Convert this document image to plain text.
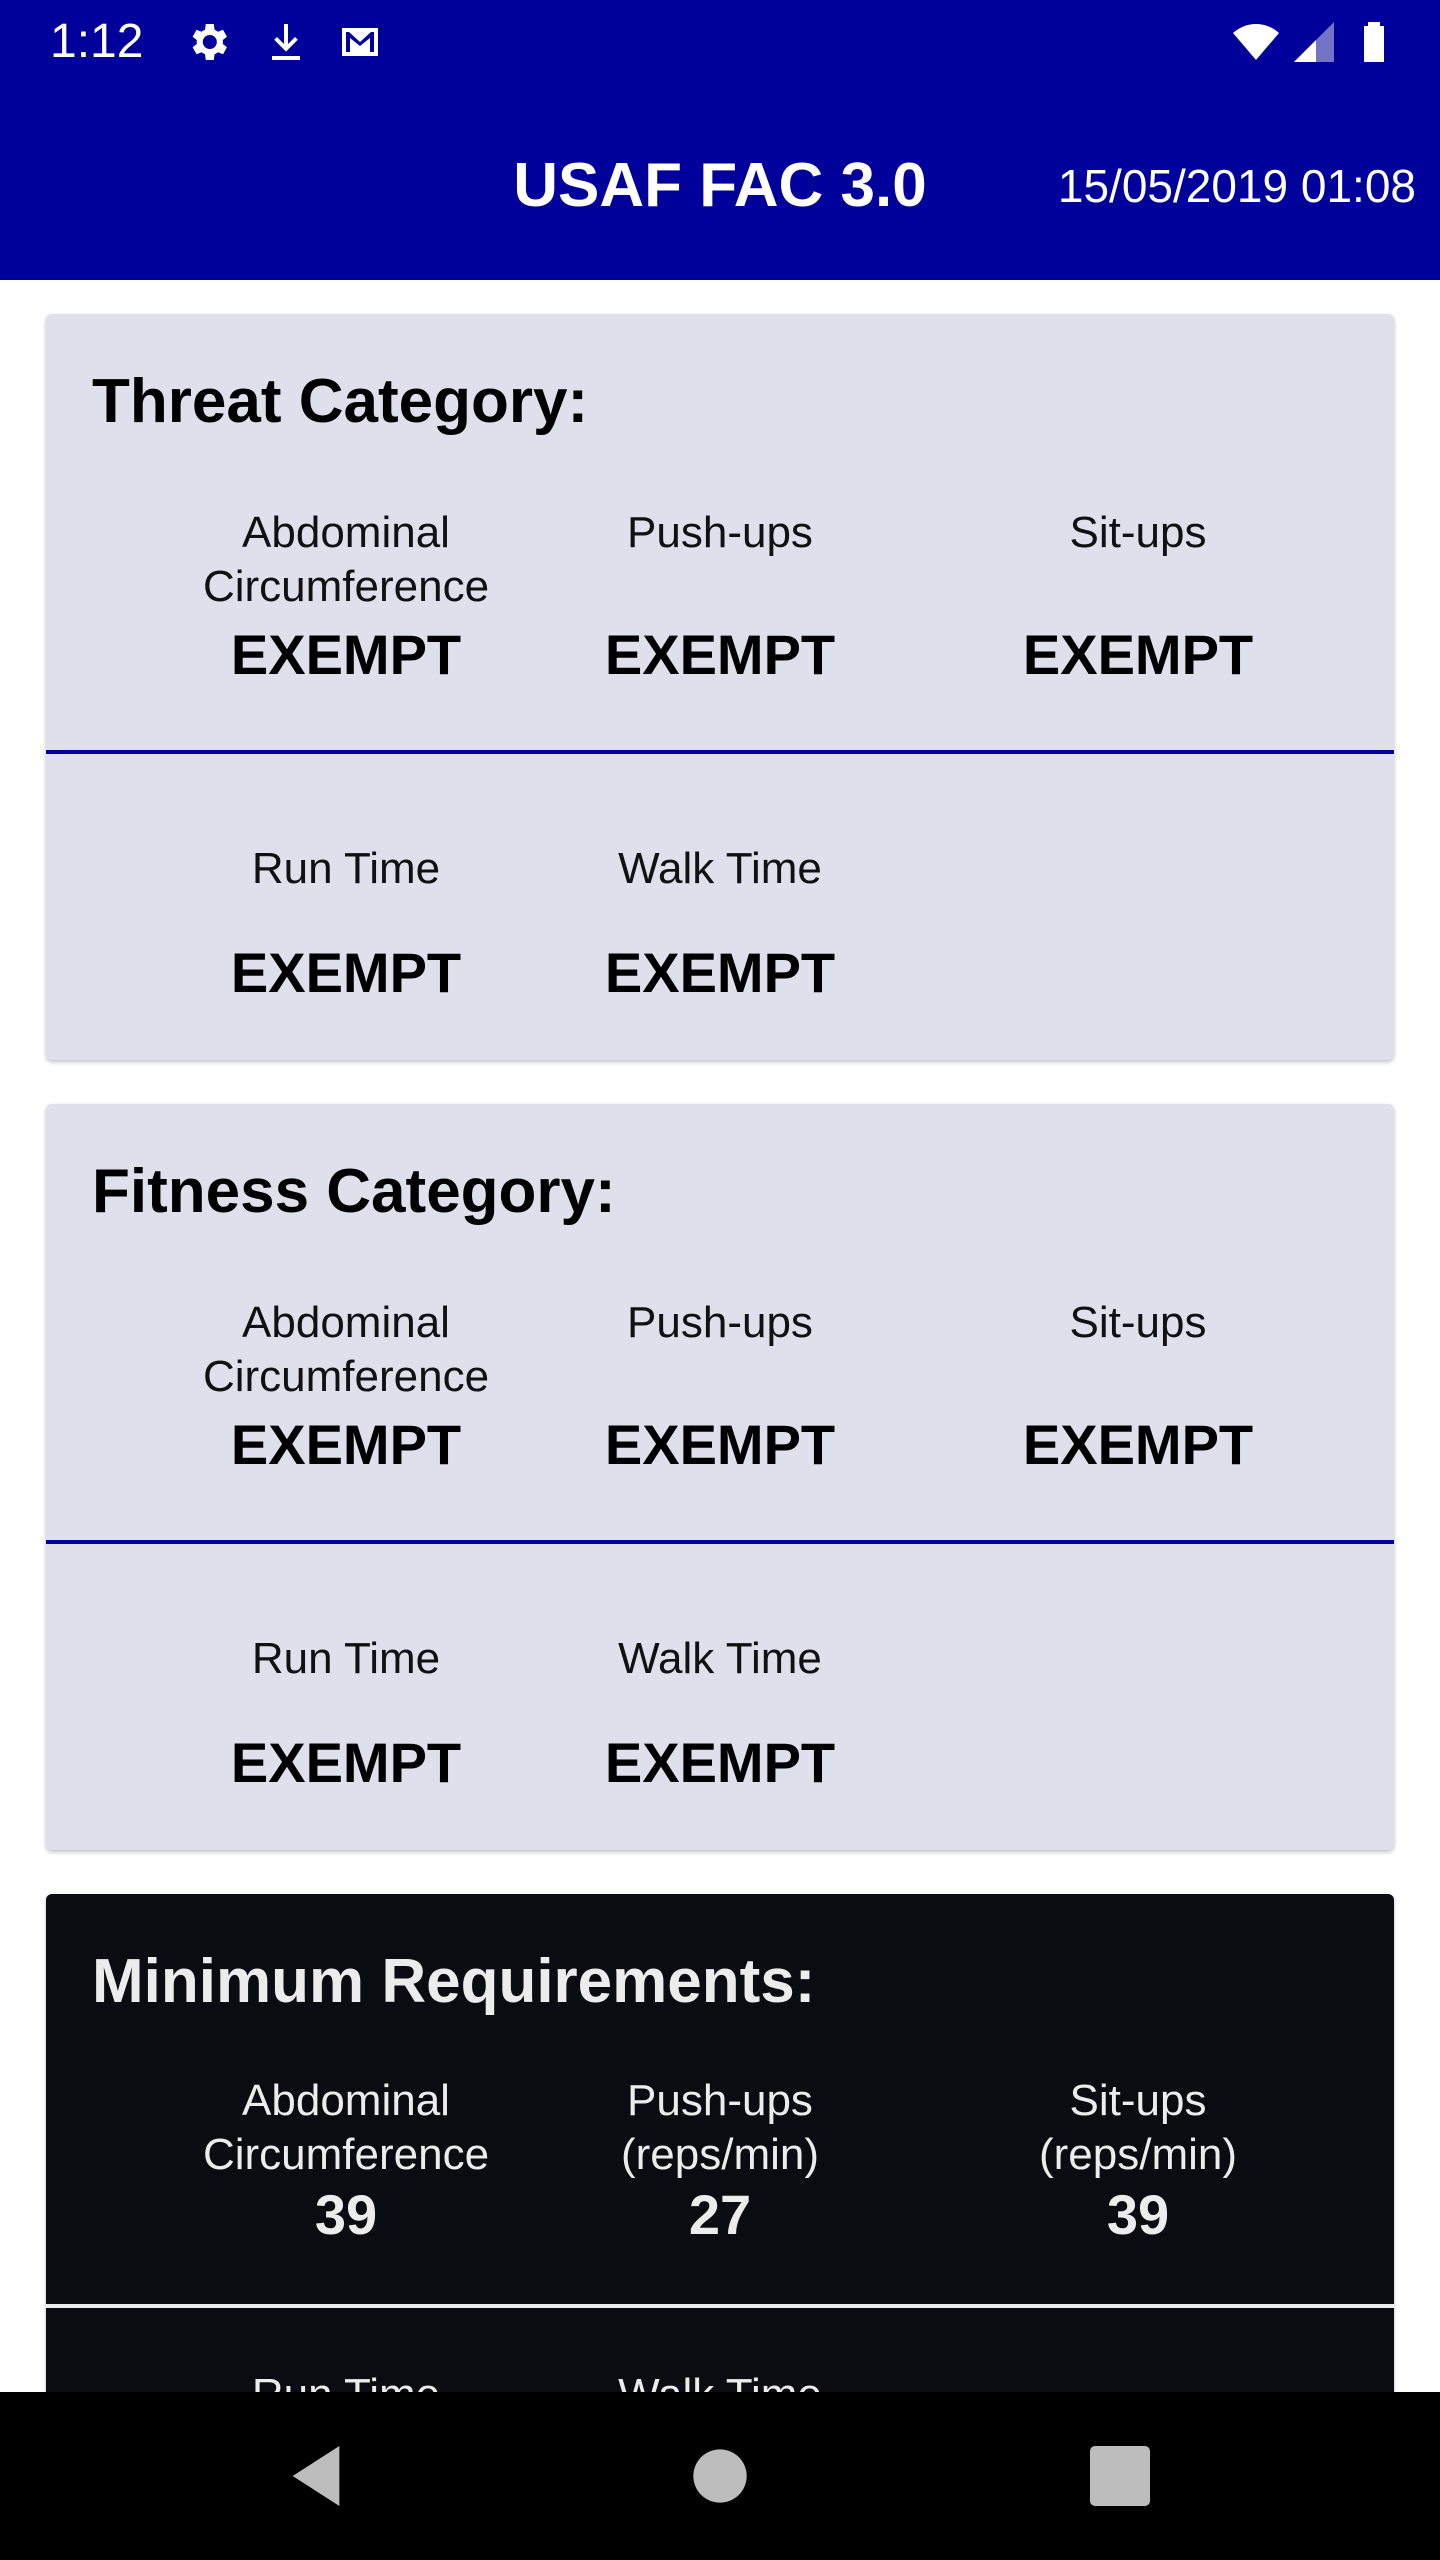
1:12
USAF FAC 3.0	15/05/2019 01:08
Threat Category:
Abdominal
Circumference
EXEMPT
Push-ups
EXEMPT
Sit-ups
EXEMPT
Run Time
EXEMPT
Walk Time
EXEMPT
Fitness Category:
Abdominal
Circumference
EXEMPT
Push-ups
EXEMPT
Sit-ups
EXEMPT
Run Time
EXEMPT
Walk Time
EXEMPT
Minimum Requirements:
Abdominal
Circumference
39
Push-ups
(reps/min)
27
Sit-ups
(reps/min)
39
